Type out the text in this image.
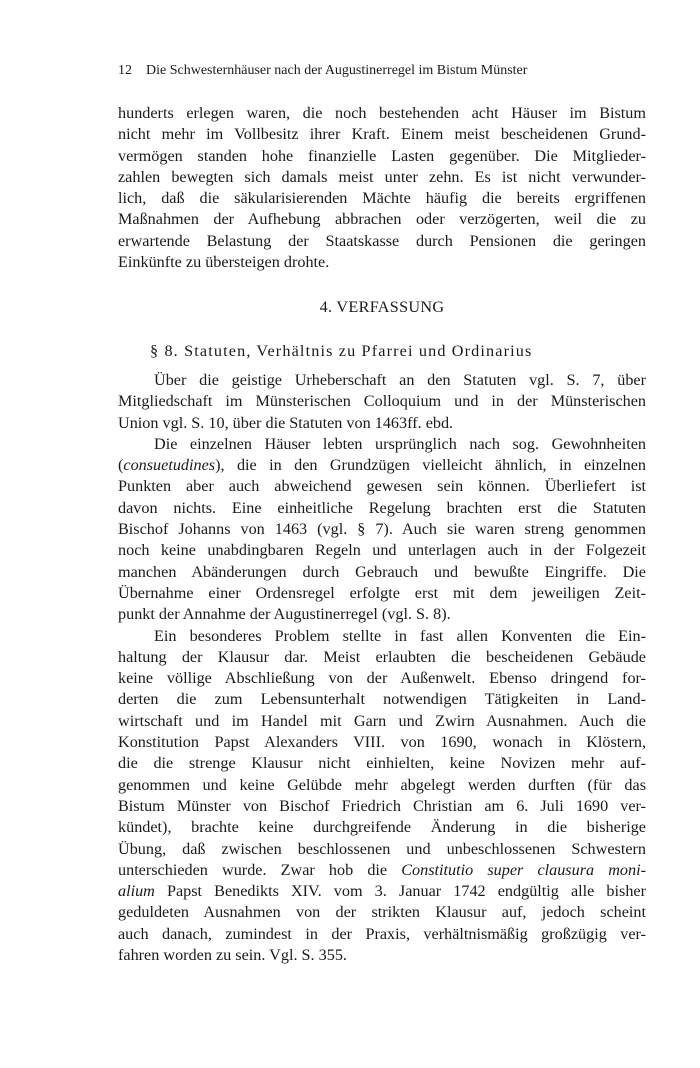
12 Die Schwesternhäuser nach der Augustinerregel im Bistum Münster
hunderts erlegen waren, die noch bestehenden acht Häuser im Bistum
nicht mehr im Vollbesitz ihrer Kraft. Einem meist bescheidenen Grund-
vermögen standen hohe finanzielle Lasten gegenüber. Die Mitglieder-
zahlen bewegten sich damals meist unter zehn. Es ist nicht verwunder-
lich, daß die säkularisierenden Mächte häufig die bereits ergriffenen
Maßnahmen der Aufhebung abbrachen oder verzögerten, weil die zu
erwartende Belastung der Staatskasse durch Pensionen die geringen
Einkünfte zu übersteigen drohte.
4. VERFASSUNG
§ 8. Statuten, Verhältnis zu Pfarrei und Ordinarius
Über die geistige Urheberschaft an den Statuten vgl. S. 7, über
Mitgliedschaft im Münsterischen Colloquium und in der Münsterischen
Union vgl. S. 10, über die Statuten von 1463ff. ebd.
Die einzelnen Häuser lebten ursprünglich nach sog. Gewohnheiten
(consuetudines), die in den Grundzügen vielleicht ähnlich, in einzelnen
Punkten aber auch abweichend gewesen sein können. Überliefert ist
davon nichts. Eine einheitliche Regelung brachten erst die Statuten
Bischof Johanns von 1463 (vgl. § 7). Auch sie waren streng genommen
noch keine unabdingbaren Regeln und unterlagen auch in der Folgezeit
manchen Abänderungen durch Gebrauch und bewußte Eingriffe. Die
Übernahme einer Ordensregel erfolgte erst mit dem jeweiligen Zeit-
punkt der Annahme der Augustinerregel (vgl. S. 8).
Ein besonderes Problem stellte in fast allen Konventen die Ein-
haltung der Klausur dar. Meist erlaubten die bescheidenen Gebäude
keine völlige Abschließung von der Außenwelt. Ebenso dringend for-
derten die zum Lebensunterhalt notwendigen Tätigkeiten in Land-
wirtschaft und im Handel mit Garn und Zwirn Ausnahmen. Auch die
Konstitution Papst Alexanders VIII. von 1690, wonach in Klöstern,
die die strenge Klausur nicht einhielten, keine Novizen mehr auf-
genommen und keine Gelübde mehr abgelegt werden durften (für das
Bistum Münster von Bischof Friedrich Christian am 6. Juli 1690 ver-
kündet), brachte keine durchgreifende Änderung in die bisherige
Übung, daß zwischen beschlossenen und unbeschlossenen Schwestern
unterschieden wurde. Zwar hob die Constitutio super clausura moni-
alium Papst Benedikts XIV. vom 3. Januar 1742 endgültig alle bisher
geduldeten Ausnahmen von der strikten Klausur auf, jedoch scheint
auch danach, zumindest in der Praxis, verhältnismäßig großzügig ver-
fahren worden zu sein. Vgl. S. 355.
